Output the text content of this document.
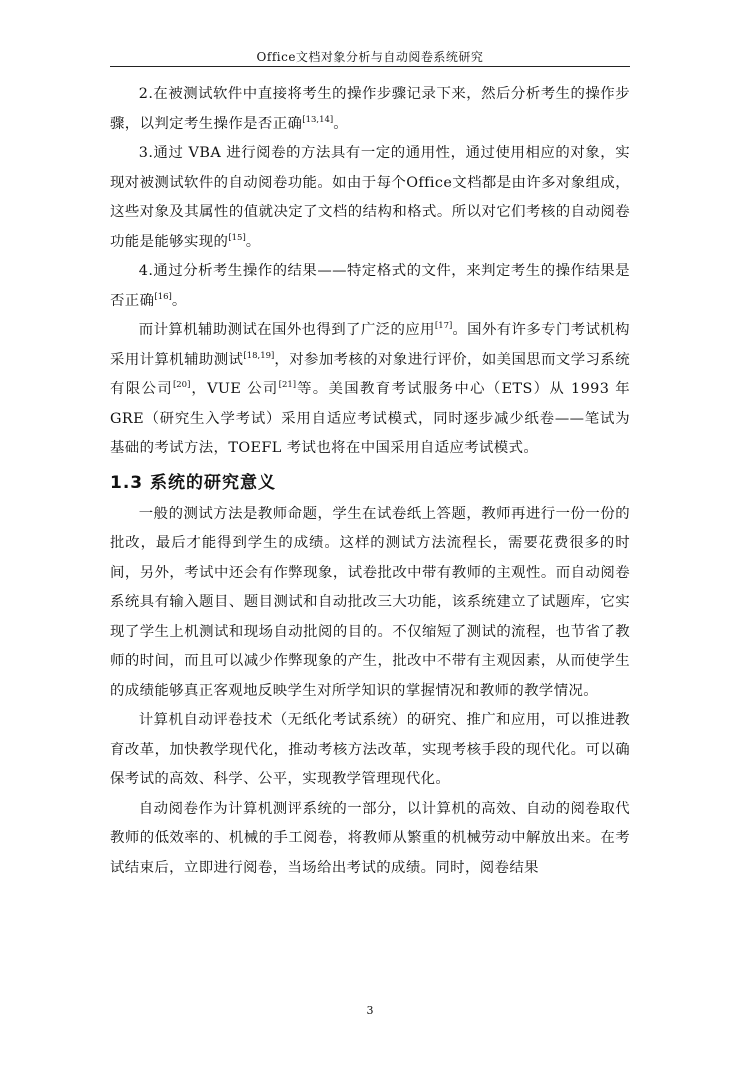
Office文档对象分析与自动阅卷系统研究

2.在被测试软件中直接将考生的操作步骤记录下来，然后分析考生的操作步骤，以判定考生操作是否正确[13,14]。

3.通过 VBA 进行阅卷的方法具有一定的通用性，通过使用相应的对象，实现对被测试软件的自动阅卷功能。如由于每个Office文档都是由许多对象组成，这些对象及其属性的值就决定了文档的结构和格式。所以对它们考核的自动阅卷功能是能够实现的[15]。

4.通过分析考生操作的结果——特定格式的文件，来判定考生的操作结果是否正确[16]。

而计算机辅助测试在国外也得到了广泛的应用[17]。国外有许多专门考试机构采用计算机辅助测试[18,19]，对参加考核的对象进行评价，如美国思而文学习系统有限公司[20]，VUE 公司[21]等。美国教育考试服务中心（ETS）从 1993 年 GRE（研究生入学考试）采用自适应考试模式，同时逐步减少纸卷——笔试为基础的考试方法，TOEFL 考试也将在中国采用自适应考试模式。

1.3 系统的研究意义

一般的测试方法是教师命题，学生在试卷纸上答题，教师再进行一份一份的批改，最后才能得到学生的成绩。这样的测试方法流程长，需要花费很多的时间，另外，考试中还会有作弊现象，试卷批改中带有教师的主观性。而自动阅卷系统具有输入题目、题目测试和自动批改三大功能，该系统建立了试题库，它实现了学生上机测试和现场自动批阅的目的。不仅缩短了测试的流程，也节省了教师的时间，而且可以减少作弊现象的产生，批改中不带有主观因素，从而使学生的成绩能够真正客观地反映学生对所学知识的掌握情况和教师的教学情况。

计算机自动评卷技术（无纸化考试系统）的研究、推广和应用，可以推进教育改革，加快教学现代化，推动考核方法改革，实现考核手段的现代化。可以确保考试的高效、科学、公平，实现教学管理现代化。

自动阅卷作为计算机测评系统的一部分，以计算机的高效、自动的阅卷取代教师的低效率的、机械的手工阅卷，将教师从繁重的机械劳动中解放出来。在考试结束后，立即进行阅卷，当场给出考试的成绩。同时，阅卷结果

3
